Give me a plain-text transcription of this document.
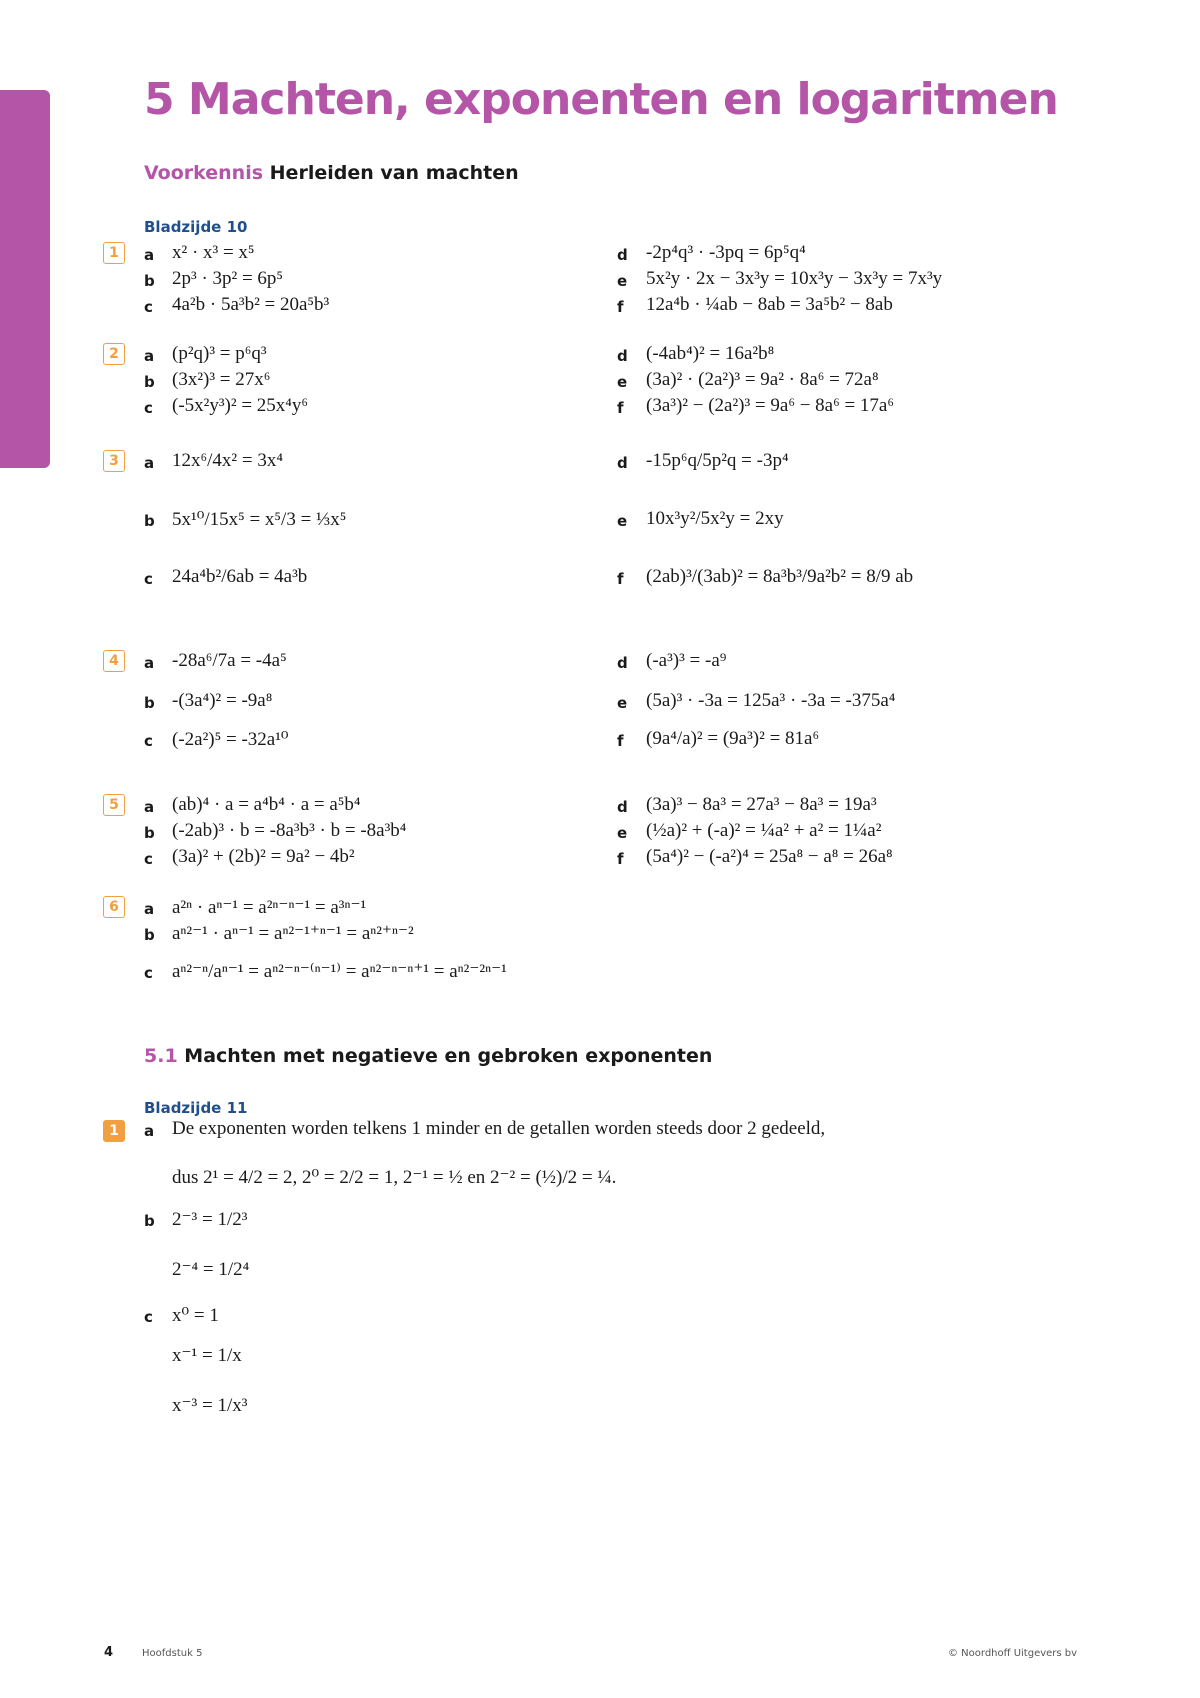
5 Machten, exponenten en logaritmen
Voorkennis Herleiden van machten
Bladzijde 10
1	a x² · x³ = x⁵
b 2p³ · 3p² = 6p⁵
c 4a²b · 5a³b² = 20a⁵b³
d -2p⁴q³ · -3pq = 6p⁵q⁴
e 5x²y · 2x − 3x³y = 10x³y − 3x³y = 7x³y
f 12a⁴b · ¼ab − 8ab = 3a⁵b² − 8ab
2	a (p²q)³ = p⁶q³
b (3x²)³ = 27x⁶
c (-5x²y³)² = 25x⁴y⁶
d (-4ab⁴)² = 16a²b⁸
e (3a)² · (2a²)³ = 9a² · 8a⁶ = 72a⁸
f (3a³)² − (2a²)³ = 9a⁶ − 8a⁶ = 17a⁶
3	a 12x⁶/4x² = 3x⁴
b 5x¹⁰/15x⁵ = x⁵/3 = ⅓x⁵
c 24a⁴b²/6ab = 4a³b
d -15p⁶q/5p²q = -3p⁴
e 10x³y²/5x²y = 2xy
f (2ab)³/(3ab)² = 8a³b³/9a²b² = 8/9 ab
4	a -28a⁶/7a = -4a⁵
b -(3a⁴)² = -9a⁸
c (-2a²)⁵ = -32a¹⁰
d (-a³)³ = -a⁹
e (5a)³ · -3a = 125a³ · -3a = -375a⁴
f (9a⁴/a)² = (9a³)² = 81a⁶
5	a (ab)⁴ · a = a⁴b⁴ · a = a⁵b⁴
b (-2ab)³ · b = -8a³b³ · b = -8a³b⁴
c (3a)² + (2b)² = 9a² − 4b²
d (3a)³ − 8a³ = 27a³ − 8a³ = 19a³
e (½a)² + (-a)² = ¼a² + a² = 1¼a²
f (5a⁴)² − (-a²)⁴ = 25a⁸ − a⁸ = 26a⁸
6	a a²ⁿ · aⁿ⁻¹ = a²ⁿ⁻ⁿ⁻¹ = a³ⁿ⁻¹
b aⁿ²⁻¹ · aⁿ⁻¹ = aⁿ²⁻¹⁺ⁿ⁻¹ = aⁿ²⁺ⁿ⁻²
c aⁿ²⁻ⁿ/aⁿ⁻¹ = aⁿ²⁻ⁿ⁻⁽ⁿ⁻¹⁾ = aⁿ²⁻ⁿ⁻ⁿ⁺¹ = aⁿ²⁻²ⁿ⁻¹
5.1 Machten met negatieve en gebroken exponenten
Bladzijde 11
1	a De exponenten worden telkens 1 minder en de getallen worden steeds door 2 gedeeld,
dus 2¹ = 4/2 = 2, 2⁰ = 2/2 = 1, 2⁻¹ = ½ en 2⁻² = (½)/2 = ¼.
b 2⁻³ = 1/2³
2⁻⁴ = 1/2⁴
c x⁰ = 1
x⁻¹ = 1/x
x⁻³ = 1/x³
4	Hoofdstuk 5	© Noordhoff Uitgevers bv
